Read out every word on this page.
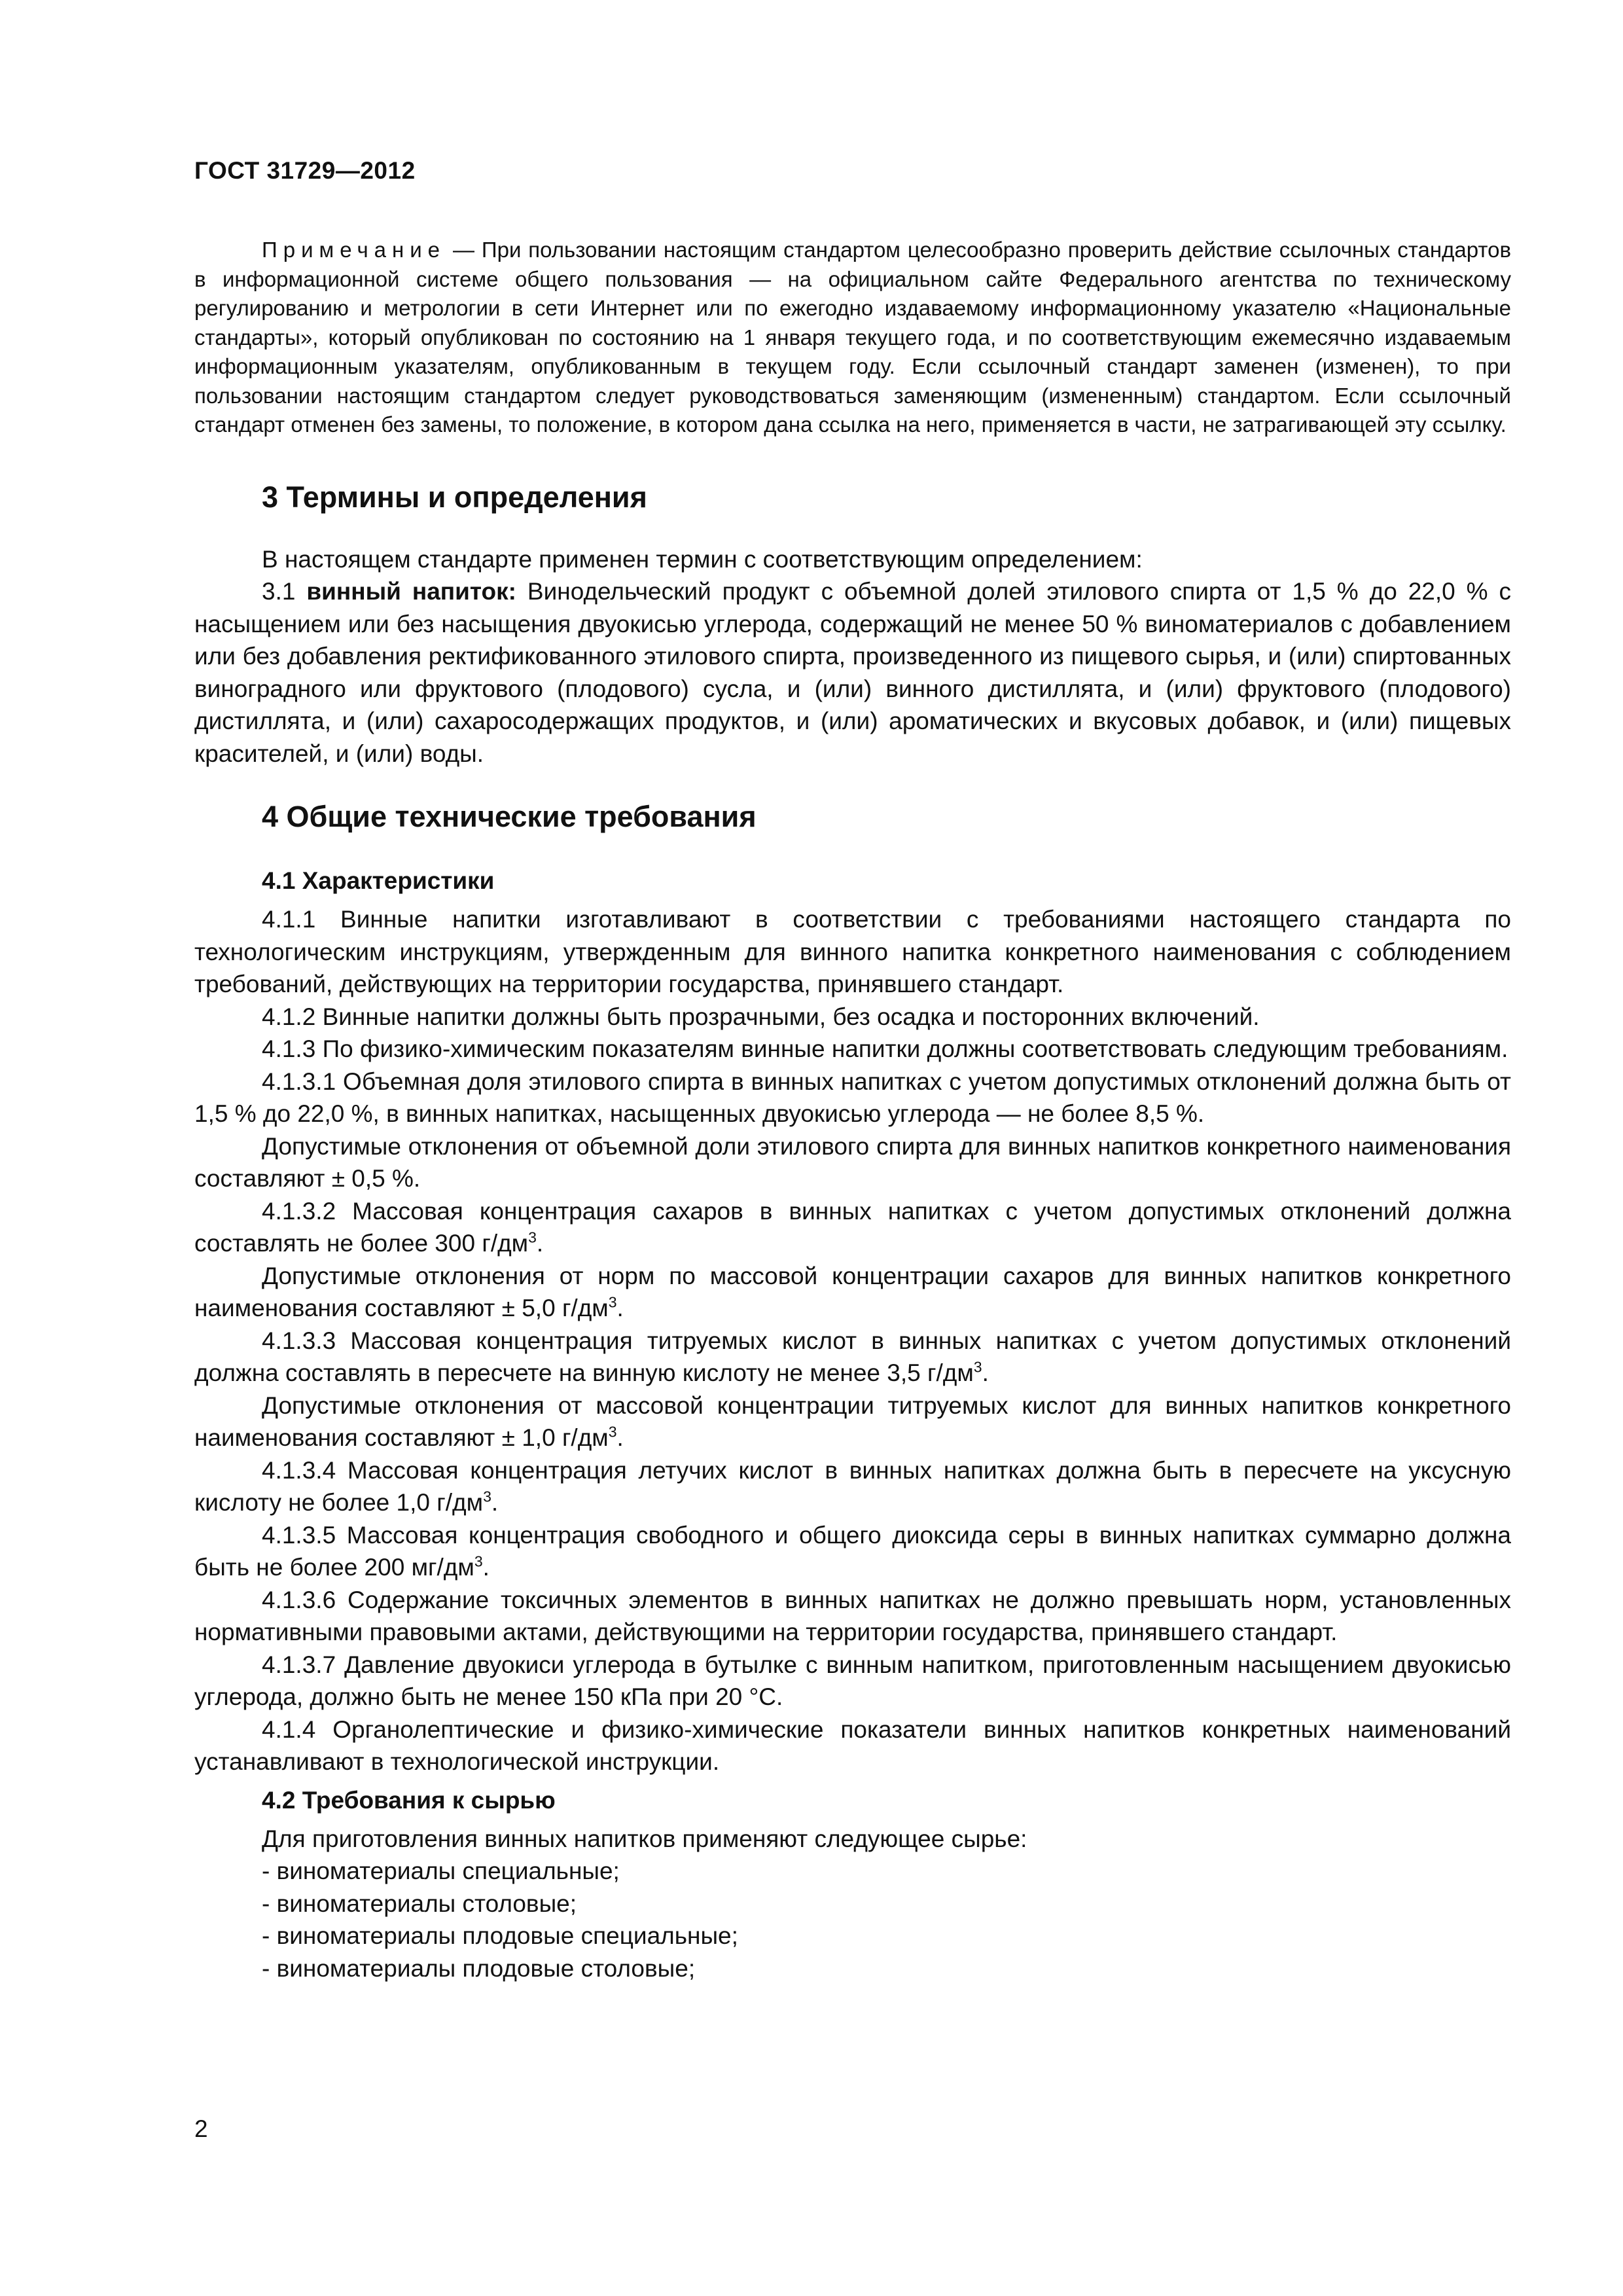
ГОСТ 31729—2012

Примечание — При пользовании настоящим стандартом целесообразно проверить действие ссылочных стандартов в информационной системе общего пользования — на официальном сайте Федерального агентства по техническому регулированию и метрологии в сети Интернет или по ежегодно издаваемому информационному указателю «Национальные стандарты», который опубликован по состоянию на 1 января текущего года, и по соответствующим ежемесячно издаваемым информационным указателям, опубликованным в текущем году. Если ссылочный стандарт заменен (изменен), то при пользовании настоящим стандартом следует руководствоваться заменяющим (измененным) стандартом. Если ссылочный стандарт отменен без замены, то положение, в котором дана ссылка на него, применяется в части, не затрагивающей эту ссылку.

3 Термины и определения

В настоящем стандарте применен термин с соответствующим определением:

3.1 винный напиток: Винодельческий продукт с объемной долей этилового спирта от 1,5 % до 22,0 % с насыщением или без насыщения двуокисью углерода, содержащий не менее 50 % виноматериалов с добавлением или без добавления ректификованного этилового спирта, произведенного из пищевого сырья, и (или) спиртованных виноградного или фруктового (плодового) сусла, и (или) винного дистиллята, и (или) фруктового (плодового) дистиллята, и (или) сахаросодержащих продуктов, и (или) ароматических и вкусовых добавок, и (или) пищевых красителей, и (или) воды.

4 Общие технические требования
4.1 Характеристики

4.1.1 Винные напитки изготавливают в соответствии с требованиями настоящего стандарта по технологическим инструкциям, утвержденным для винного напитка конкретного наименования с соблюдением требований, действующих на территории государства, принявшего стандарт.

4.1.2 Винные напитки должны быть прозрачными, без осадка и посторонних включений.

4.1.3 По физико-химическим показателям винные напитки должны соответствовать следующим требованиям.

4.1.3.1 Объемная доля этилового спирта в винных напитках с учетом допустимых отклонений должна быть от 1,5 % до 22,0 %, в винных напитках, насыщенных двуокисью углерода — не более 8,5 %.

Допустимые отклонения от объемной доли этилового спирта для винных напитков конкретного наименования составляют ± 0,5 %.

4.1.3.2 Массовая концентрация сахаров в винных напитках с учетом допустимых отклонений должна составлять не более 300 $г/дм^3$.

Допустимые отклонения от норм по массовой концентрации сахаров для винных напитков конкретного наименования составляют ± 5,0 $г/дм^3$.

4.1.3.3 Массовая концентрация титруемых кислот в винных напитках с учетом допустимых отклонений должна составлять в пересчете на винную кислоту не менее 3,5 $г/дм^3$.

Допустимые отклонения от массовой концентрации титруемых кислот для винных напитков конкретного наименования составляют ± 1,0 $г/дм^3$.

4.1.3.4 Массовая концентрация летучих кислот в винных напитках должна быть в пересчете на уксусную кислоту не более 1,0 $г/дм^3$.

4.1.3.5 Массовая концентрация свободного и общего диоксида серы в винных напитках суммарно должна быть не более 200 $мг/дм^3$.

4.1.3.6 Содержание токсичных элементов в винных напитках не должно превышать норм, установленных нормативными правовыми актами, действующими на территории государства, принявшего стандарт.

4.1.3.7 Давление двуокиси углерода в бутылке с винным напитком, приготовленным насыщением двуокисью углерода, должно быть не менее 150 кПа при 20 °С.

4.1.4 Органолептические и физико-химические показатели винных напитков конкретных наименований устанавливают в технологической инструкции.

4.2 Требования к сырью

Для приготовления винных напитков применяют следующее сырье:

- виноматериалы специальные;
- виноматериалы столовые;
- виноматериалы плодовые специальные;
- виноматериалы плодовые столовые;
2
